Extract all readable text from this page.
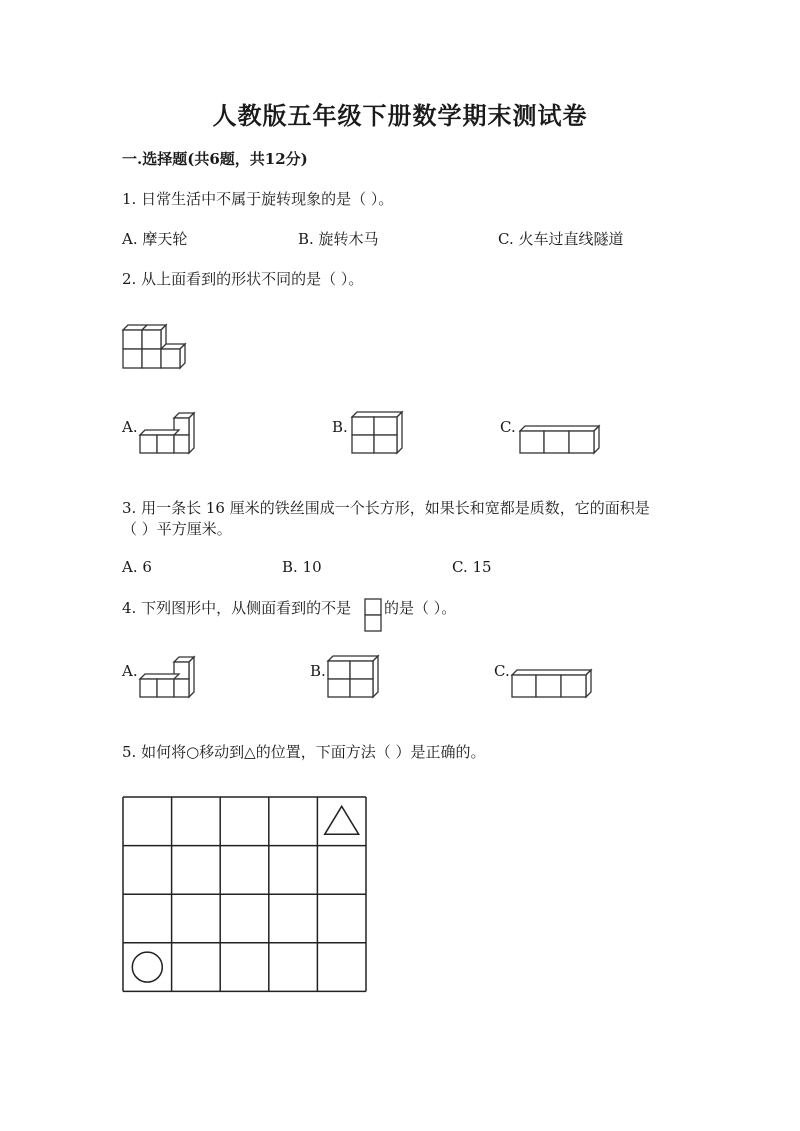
人教版五年级下册数学期末测试卷
一.选择题(共6题，共12分)
1. 日常生活中不属于旋转现象的是（ ）。
A. 摩天轮	B. 旋转木马	C. 火车过直线隧道
2. 从上面看到的形状不同的是（ ）。
A.	B.	C.
3. 用一条长 16 厘米的铁丝围成一个长方形，如果长和宽都是质数，它的面积是
（ ）平方厘米。
A. 6	B. 10	C. 15
4. 下列图形中，从侧面看到的不是 的是（ ）。
A.	B.	C.
5. 如何将○移动到△的位置，下面方法（ ）是正确的。
